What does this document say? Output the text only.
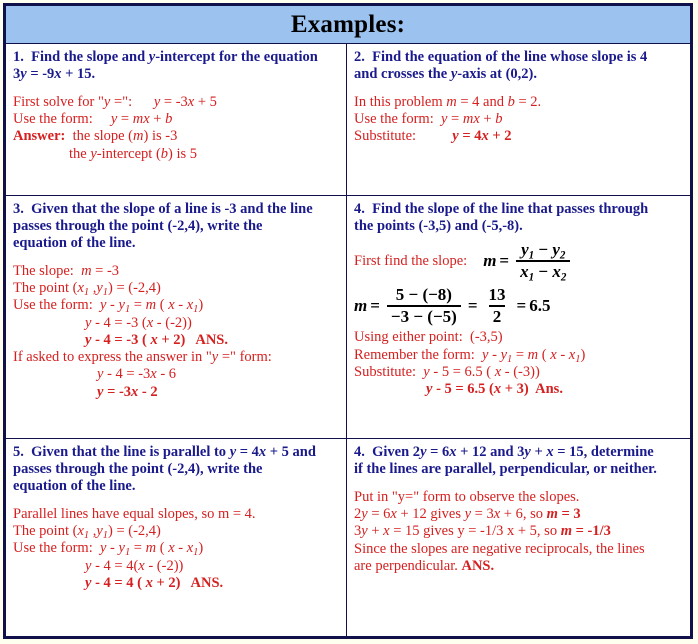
Examples:
1.  Find the slope and y-intercept for the equation
3y = -9x + 15.
First solve for "y =":      y = -3x + 5
Use the form:     y = mx + b
Answer:  the slope (m) is -3
the y-intercept (b) is 5
2.  Find the equation of the line whose slope is 4
and crosses the y-axis at (0,2).
In this problem m = 4 and b = 2.
Use the form:  y = mx + b
Substitute:          y = 4x + 2
3.  Given that the slope of a line is -3 and the line
passes through the point (-2,4), write the
equation of the line.
The slope:  m = -3
The point ($x_1$ $,y_1) = (-2,4)$
Use the form:  $y - y_1 = m$ ( x - $x_1$)
y - 4 = -3 (x - (-2))
y - 4 = -3 ( x + 2)   ANS.
If asked to express the answer in "y =" form:
y - 4 = -3x - 6
y = -3x - 2
4.  Find the slope of the line that passes through
the points (-3,5) and (-5,-8).
First find the slope: $m = \frac{y_1 - y_2}{x_1 - x_2}$
$m = \frac{5 - (-8)}{-3 - (-5)} = \frac{13}{2} = 6.5$
Using either point:  (-3,5)
Remember the form:  $y - y_1 = m$ ( x - $x_1$)
Substitute:  y - 5 = 6.5 ( x - (-3))
y - 5 = 6.5 (x + 3)  Ans.
5.  Given that the line is parallel to y = 4x + 5 and
passes through the point (-2,4), write the
equation of the line.
Parallel lines have equal slopes, so m = 4.
The point ($x_1$ $,y_1) = (-2,4)$
Use the form:  $y - y_1 = m$ ( x - $x_1$)
y - 4 = 4(x - (-2))
y - 4 = 4 ( x + 2)   ANS.
4.  Given 2y = 6x + 12 and 3y + x = 15, determine
if the lines are parallel, perpendicular, or neither.
Put in "y=" form to observe the slopes.
2y = 6x + 12 gives y = 3x + 6, so m = 3
3y + x = 15 gives y = -1/3 x + 5, so m = -1/3
Since the slopes are negative reciprocals, the lines
are perpendicular. ANS.
